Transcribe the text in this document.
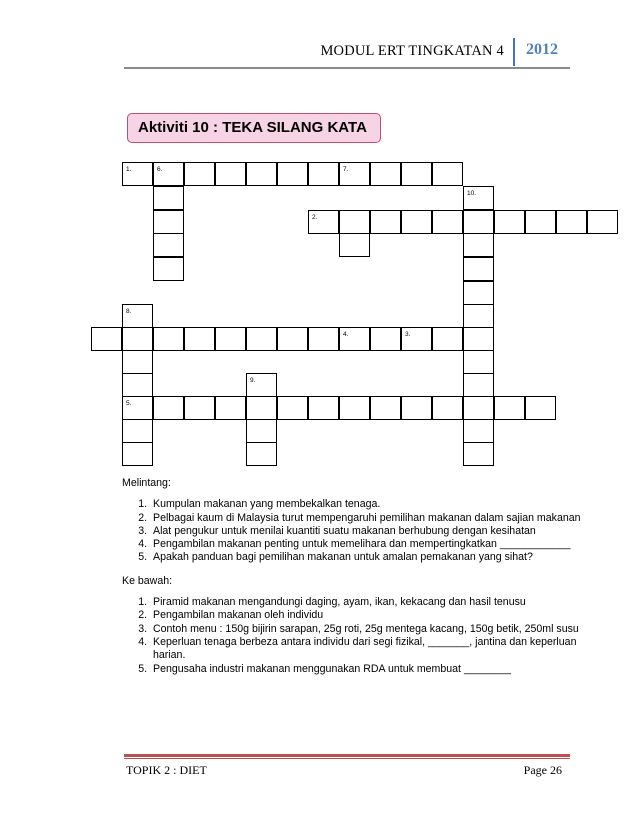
MODUL ERT TINGKATAN 4 2012
Aktiviti 10 : TEKA SILANG KATA
1.	6.	7.
10.
2.
8.
4.	3.
9.
5.
Melintang:
1. Kumpulan makanan yang membekalkan tenaga.
2. Pelbagai kaum di Malaysia turut mempengaruhi pemilihan makanan dalam sajian makanan
3. Alat pengukur untuk menilai kuantiti suatu makanan berhubung dengan kesihatan
4. Pengambilan makanan penting untuk memelihara dan mempertingkatkan ____________
5. Apakah panduan bagi pemilihan makanan untuk amalan pemakanan yang sihat?
Ke bawah:
1. Piramid makanan mengandungi daging, ayam, ikan, kekacang dan hasil tenusu
2. Pengambilan makanan oleh individu
3. Contoh menu : 150g bijirin sarapan, 25g roti, 25g mentega kacang, 150g betik, 250ml susu
4. Keperluan tenaga berbeza antara individu dari segi fizikal, _______, jantina dan keperluan harian.
5. Pengusaha industri makanan menggunakan RDA untuk membuat ________
TOPIK 2 : DIET	Page 26
